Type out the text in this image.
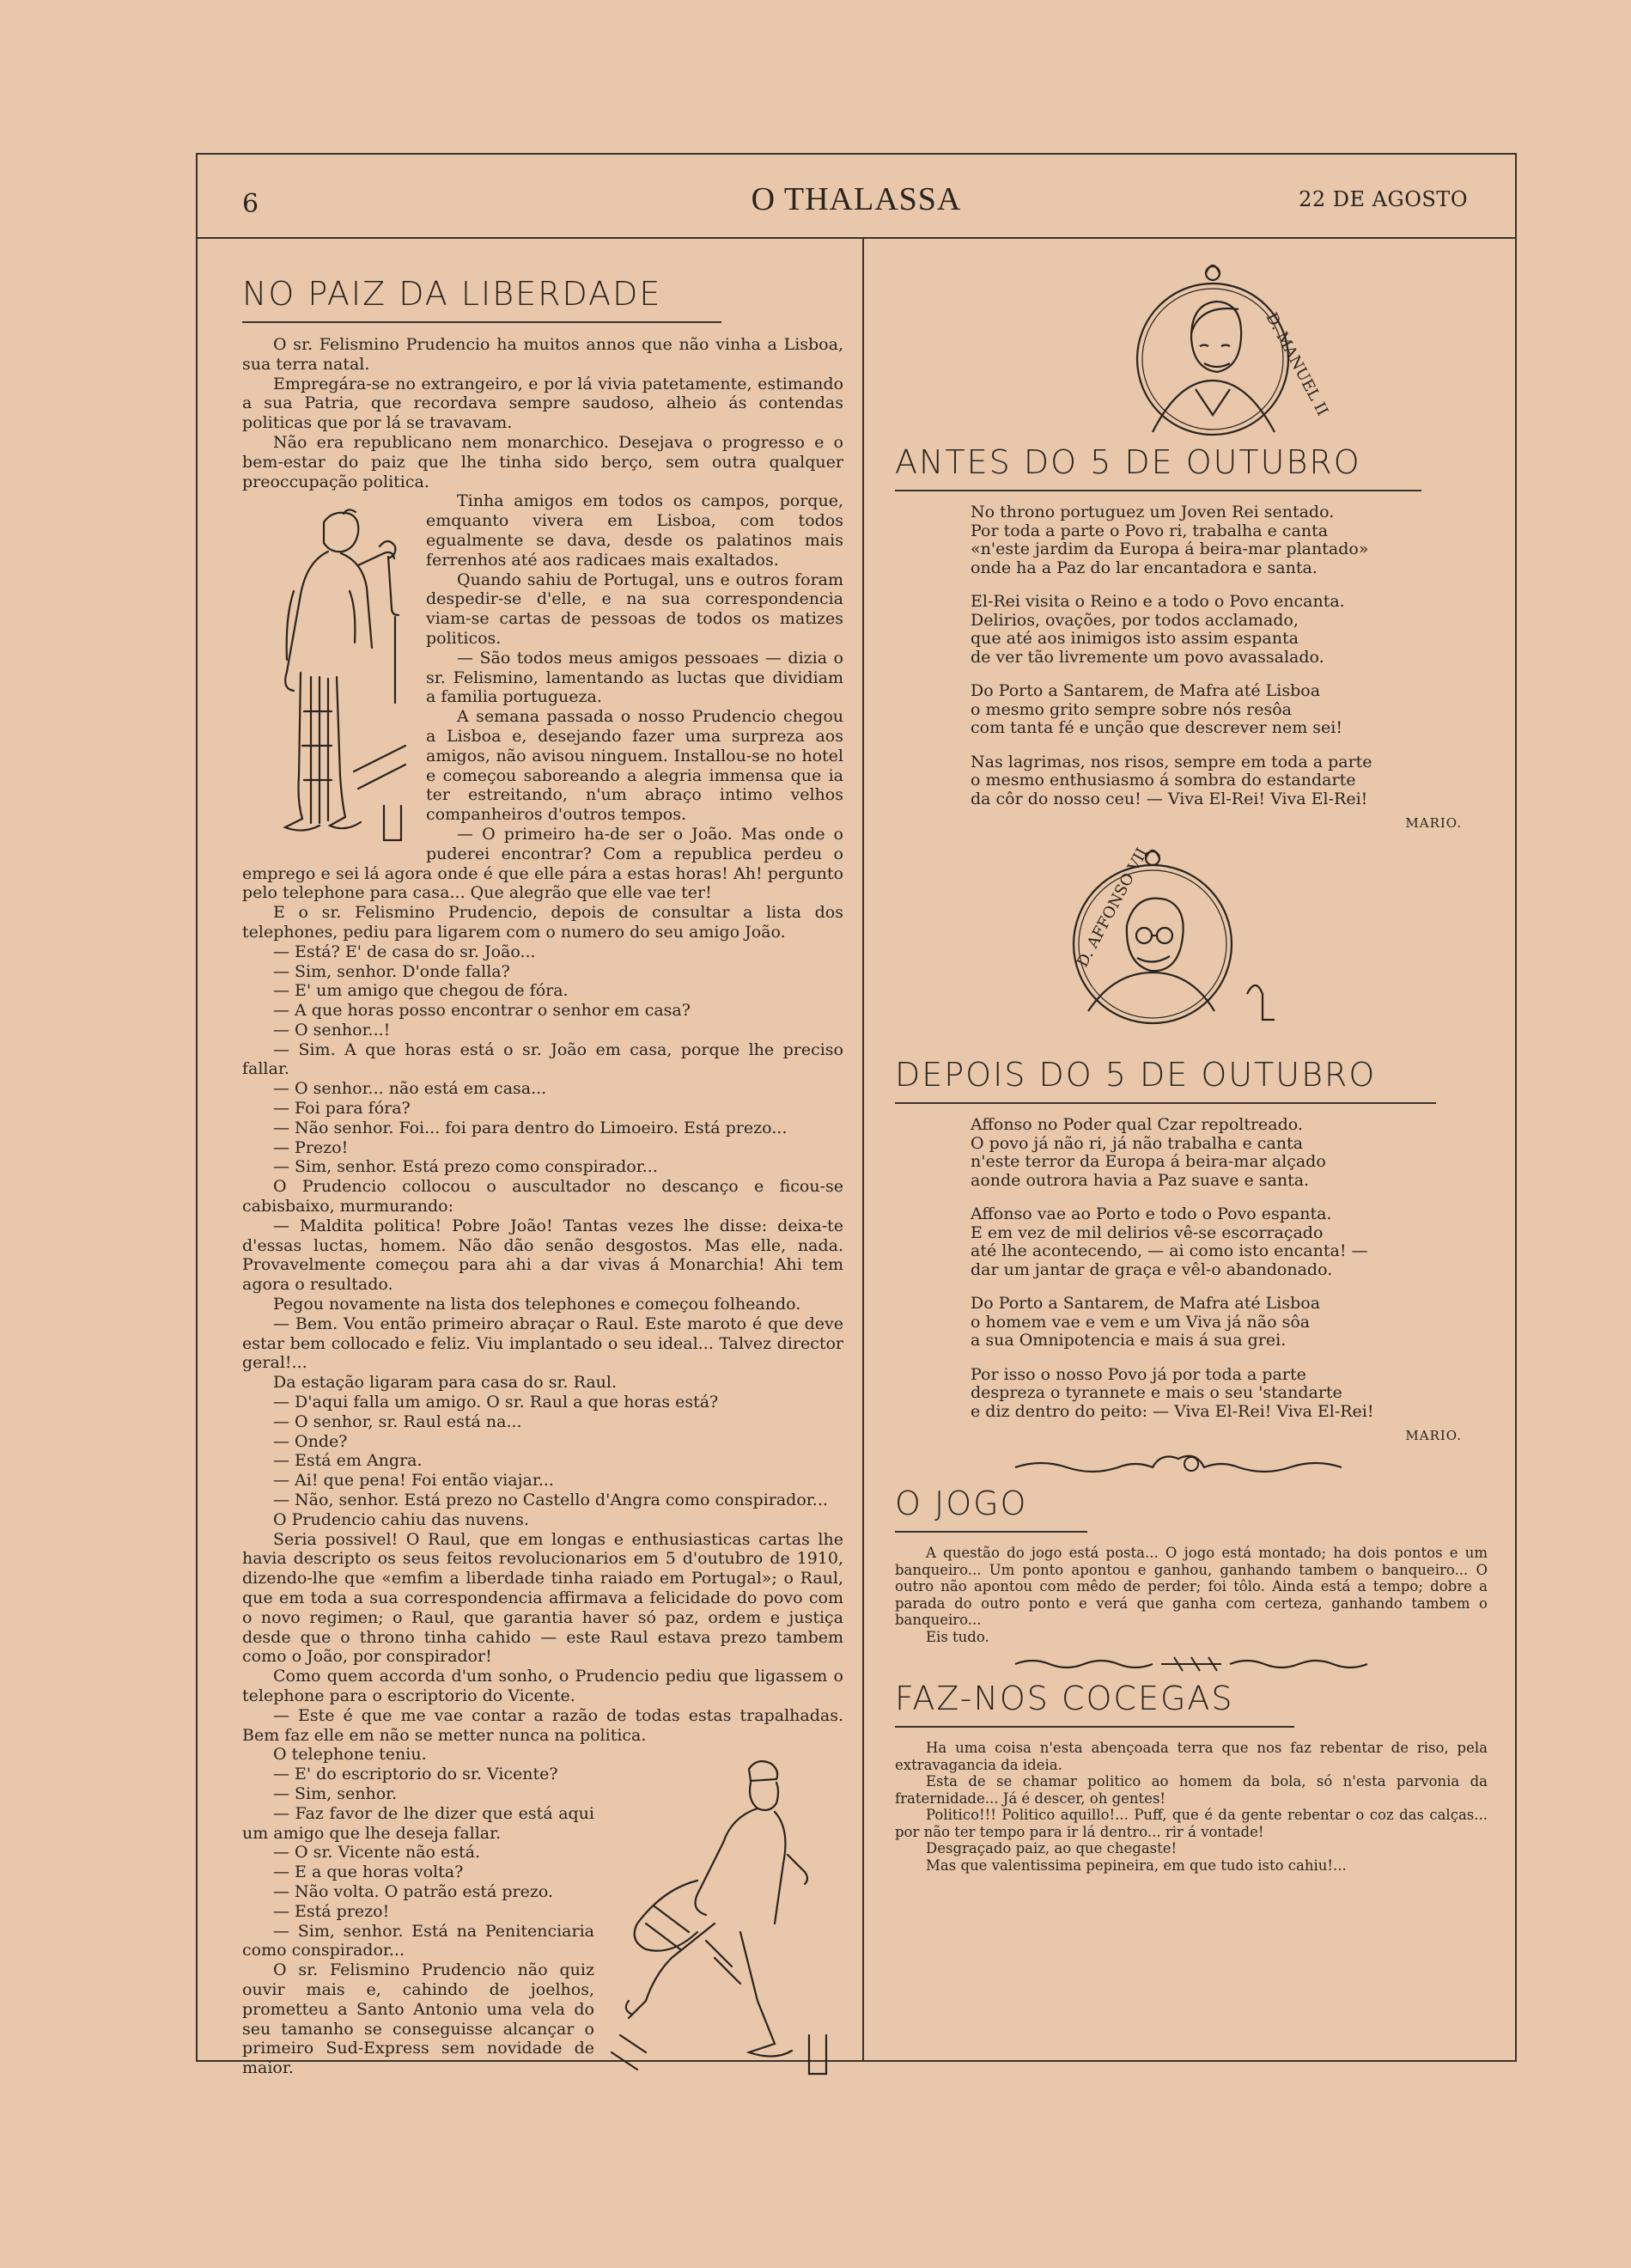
6	O THALASSA	22 DE AGOSTO
NO PAIZ DA LIBERDADE

O sr. Felismino Prudencio ha muitos annos que não vinha a Lisboa, sua terra natal.

Empregára-se no extrangeiro, e por lá vivia patetamente, estimando a sua Patria, que recordava sempre saudoso, alheio ás contendas politicas que por lá se travavam.

Não era republicano nem monarchico. Desejava o progresso e o bem-estar do paiz que lhe tinha sido berço, sem outra qualquer preoccupação politica.

Tinha amigos em todos os campos, porque, emquanto vivera em Lisboa, com todos egualmente se dava, desde os palatinos mais ferrenhos até aos radicaes mais exaltados.

Quando sahiu de Portugal, uns e outros foram despedir-se d'elle, e na sua correspondencia viam-se cartas de pessoas de todos os matizes politicos.

— São todos meus amigos pessoaes — dizia o sr. Felismino, lamentando as luctas que dividiam a familia portugueza.

A semana passada o nosso Prudencio chegou a Lisboa e, desejando fazer uma surpreza aos amigos, não avisou ninguem. Installou-se no hotel e começou saboreando a alegria immensa que ia ter estreitando, n'um abraço intimo velhos companheiros d'outros tempos.

— O primeiro ha-de ser o João. Mas onde o puderei encontrar? Com a republica perdeu o emprego e sei lá agora onde é que elle pára a estas horas! Ah! pergunto pelo telephone para casa... Que alegrão que elle vae ter!

E o sr. Felismino Prudencio, depois de consultar a lista dos telephones, pediu para ligarem com o numero do seu amigo João.

— Está? E' de casa do sr. João...

— Sim, senhor. D'onde falla?

— E' um amigo que chegou de fóra.

— A que horas posso encontrar o senhor em casa?

— O senhor...!

— Sim. A que horas está o sr. João em casa, porque lhe preciso fallar.

— O senhor... não está em casa...

— Foi para fóra?

— Não senhor. Foi... foi para dentro do Limoeiro. Está prezo...

— Prezo!

— Sim, senhor. Está prezo como conspirador...

O Prudencio collocou o auscultador no descanço e ficou-se cabisbaixo, murmurando:

— Maldita politica! Pobre João! Tantas vezes lhe disse: deixa-te d'essas luctas, homem. Não dão senão desgostos. Mas elle, nada. Provavelmente começou para ahi a dar vivas á Monarchia! Ahi tem agora o resultado.

Pegou novamente na lista dos telephones e começou folheando.

— Bem. Vou então primeiro abraçar o Raul. Este maroto é que deve estar bem collocado e feliz. Viu implantado o seu ideal... Talvez director geral!...

Da estação ligaram para casa do sr. Raul.

— D'aqui falla um amigo. O sr. Raul a que horas está?

— O senhor, sr. Raul está na...

— Onde?

— Está em Angra.

— Ai! que pena! Foi então viajar...

— Não, senhor. Está prezo no Castello d'Angra como conspirador...

O Prudencio cahiu das nuvens.

Seria possivel! O Raul, que em longas e enthusiasticas cartas lhe havia descripto os seus feitos revolucionarios em 5 d'outubro de 1910, dizendo-lhe que «emfim a liberdade tinha raiado em Portugal»; o Raul, que em toda a sua correspondencia affirmava a felicidade do povo com o novo regimen; o Raul, que garantia haver só paz, ordem e justiça desde que o throno tinha cahido — este Raul estava prezo tambem como o João, por conspirador!

Como quem accorda d'um sonho, o Prudencio pediu que ligassem o telephone para o escriptorio do Vicente.

— Este é que me vae contar a razão de todas estas trapalhadas. Bem faz elle em não se metter nunca na politica.

O telephone teniu.

— E' do escriptorio do sr. Vicente?

— Sim, senhor.

— Faz favor de lhe dizer que está aqui um amigo que lhe deseja fallar.

— O sr. Vicente não está.

— E a que horas volta?

— Não volta. O patrão está prezo.

— Está prezo!

— Sim, senhor. Está na Penitenciaria como conspirador...

O sr. Felismino Prudencio não quiz ouvir mais e, cahindo de joelhos, prometteu a Santo Antonio uma vela do seu tamanho se conseguisse alcançar o primeiro Sud-Express sem novidade de maior.

D. MANUEL II
ANTES DO 5 DE OUTUBRO
No throno portuguez um Joven Rei sentado.
Por toda a parte o Povo ri, trabalha e canta
«n'este jardim da Europa á beira-mar plantado»
onde ha a Paz do lar encantadora e santa.
El-Rei visita o Reino e a todo o Povo encanta.
Delirios, ovações, por todos acclamado,
que até aos inimigos isto assim espanta
de ver tão livremente um povo avassalado.
Do Porto a Santarem, de Mafra até Lisboa
o mesmo grito sempre sobre nós resôa
com tanta fé e unção que descrever nem sei!
Nas lagrimas, nos risos, sempre em toda a parte
o mesmo enthusiasmo á sombra do estandarte
da côr do nosso ceu! — Viva El-Rei! Viva El-Rei!
MARIO.
D. AFFONSO VII
DEPOIS DO 5 DE OUTUBRO
Affonso no Poder qual Czar repoltreado.
O povo já não ri, já não trabalha e canta
n'este terror da Europa á beira-mar alçado
aonde outrora havia a Paz suave e santa.
Affonso vae ao Porto e todo o Povo espanta.
E em vez de mil delirios vê-se escorraçado
até lhe acontecendo, — ai como isto encanta! —
dar um jantar de graça e vêl-o abandonado.
Do Porto a Santarem, de Mafra até Lisboa
o homem vae e vem e um Viva já não sôa
a sua Omnipotencia e mais á sua grei.
Por isso o nosso Povo já por toda a parte
despreza o tyrannete e mais o seu 'standarte
e diz dentro do peito: — Viva El-Rei! Viva El-Rei!
MARIO.
O JOGO

A questão do jogo está posta... O jogo está montado; ha dois pontos e um banqueiro... Um ponto apontou e ganhou, ganhando tambem o banqueiro... O outro não apontou com mêdo de perder; foi tôlo. Ainda está a tempo; dobre a parada do outro ponto e verá que ganha com certeza, ganhando tambem o banqueiro...

Eis tudo.

FAZ-NOS COCEGAS

Ha uma coisa n'esta abençoada terra que nos faz rebentar de riso, pela extravagancia da ideia.

Esta de se chamar politico ao homem da bola, só n'esta parvonia da fraternidade... Já é descer, oh gentes!

Politico!!! Politico aquillo!... Puff, que é da gente rebentar o coz das calças... por não ter tempo para ir lá dentro... rir á vontade!

Desgraçado paiz, ao que chegaste!

Mas que valentissima pepineira, em que tudo isto cahiu!...
